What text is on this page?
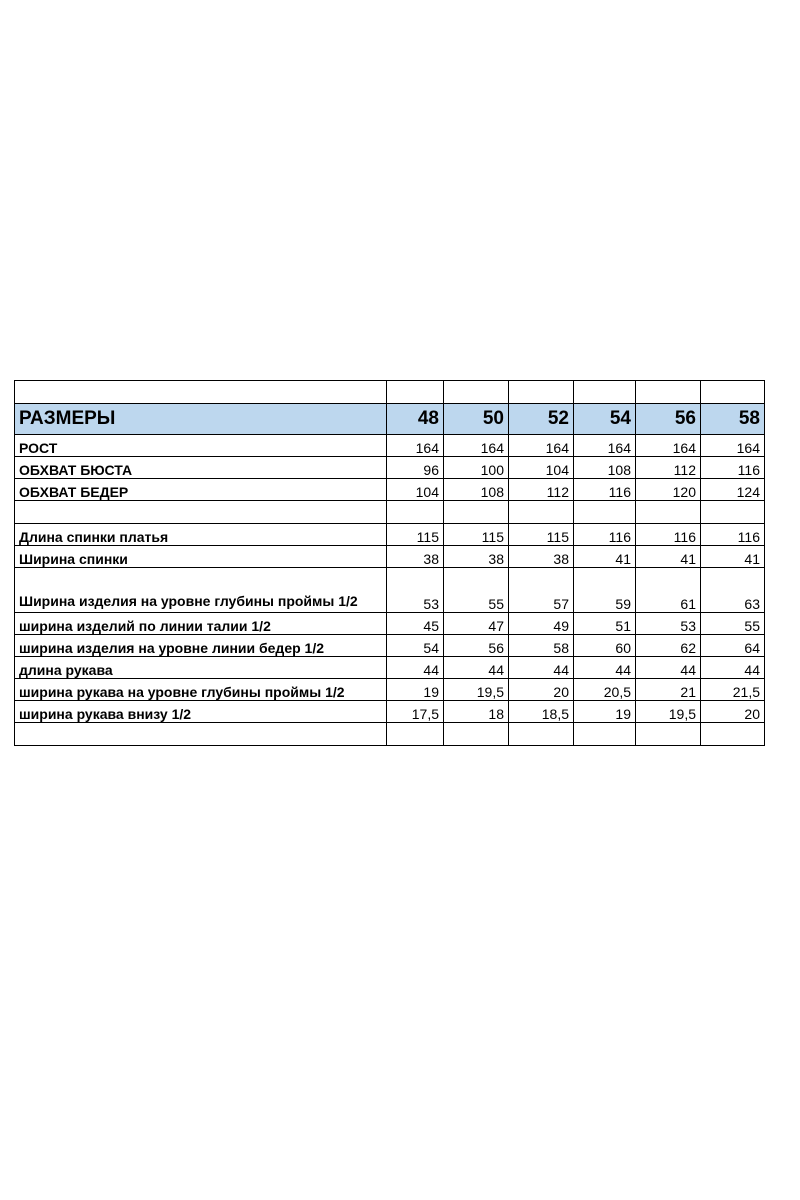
РАЗМЕРЫ	48	50	52	54	56	58
РОСТ	164	164	164	164	164	164
ОБХВАТ БЮСТА	96	100	104	108	112	116
ОБХВАТ БЕДЕР	104	108	112	116	120	124

Длина спинки платья	115	115	115	116	116	116
Ширина спинки	38	38	38	41	41	41
Ширина изделия на уровне глубины проймы 1/2	53	55	57	59	61	63
ширина изделий по линии талии 1/2	45	47	49	51	53	55
ширина изделия на уровне линии бедер 1/2	54	56	58	60	62	64
длина рукава	44	44	44	44	44	44
ширина рукава на уровне глубины проймы 1/2	19	19,5	20	20,5	21	21,5
ширина рукава внизу 1/2	17,5	18	18,5	19	19,5	20
